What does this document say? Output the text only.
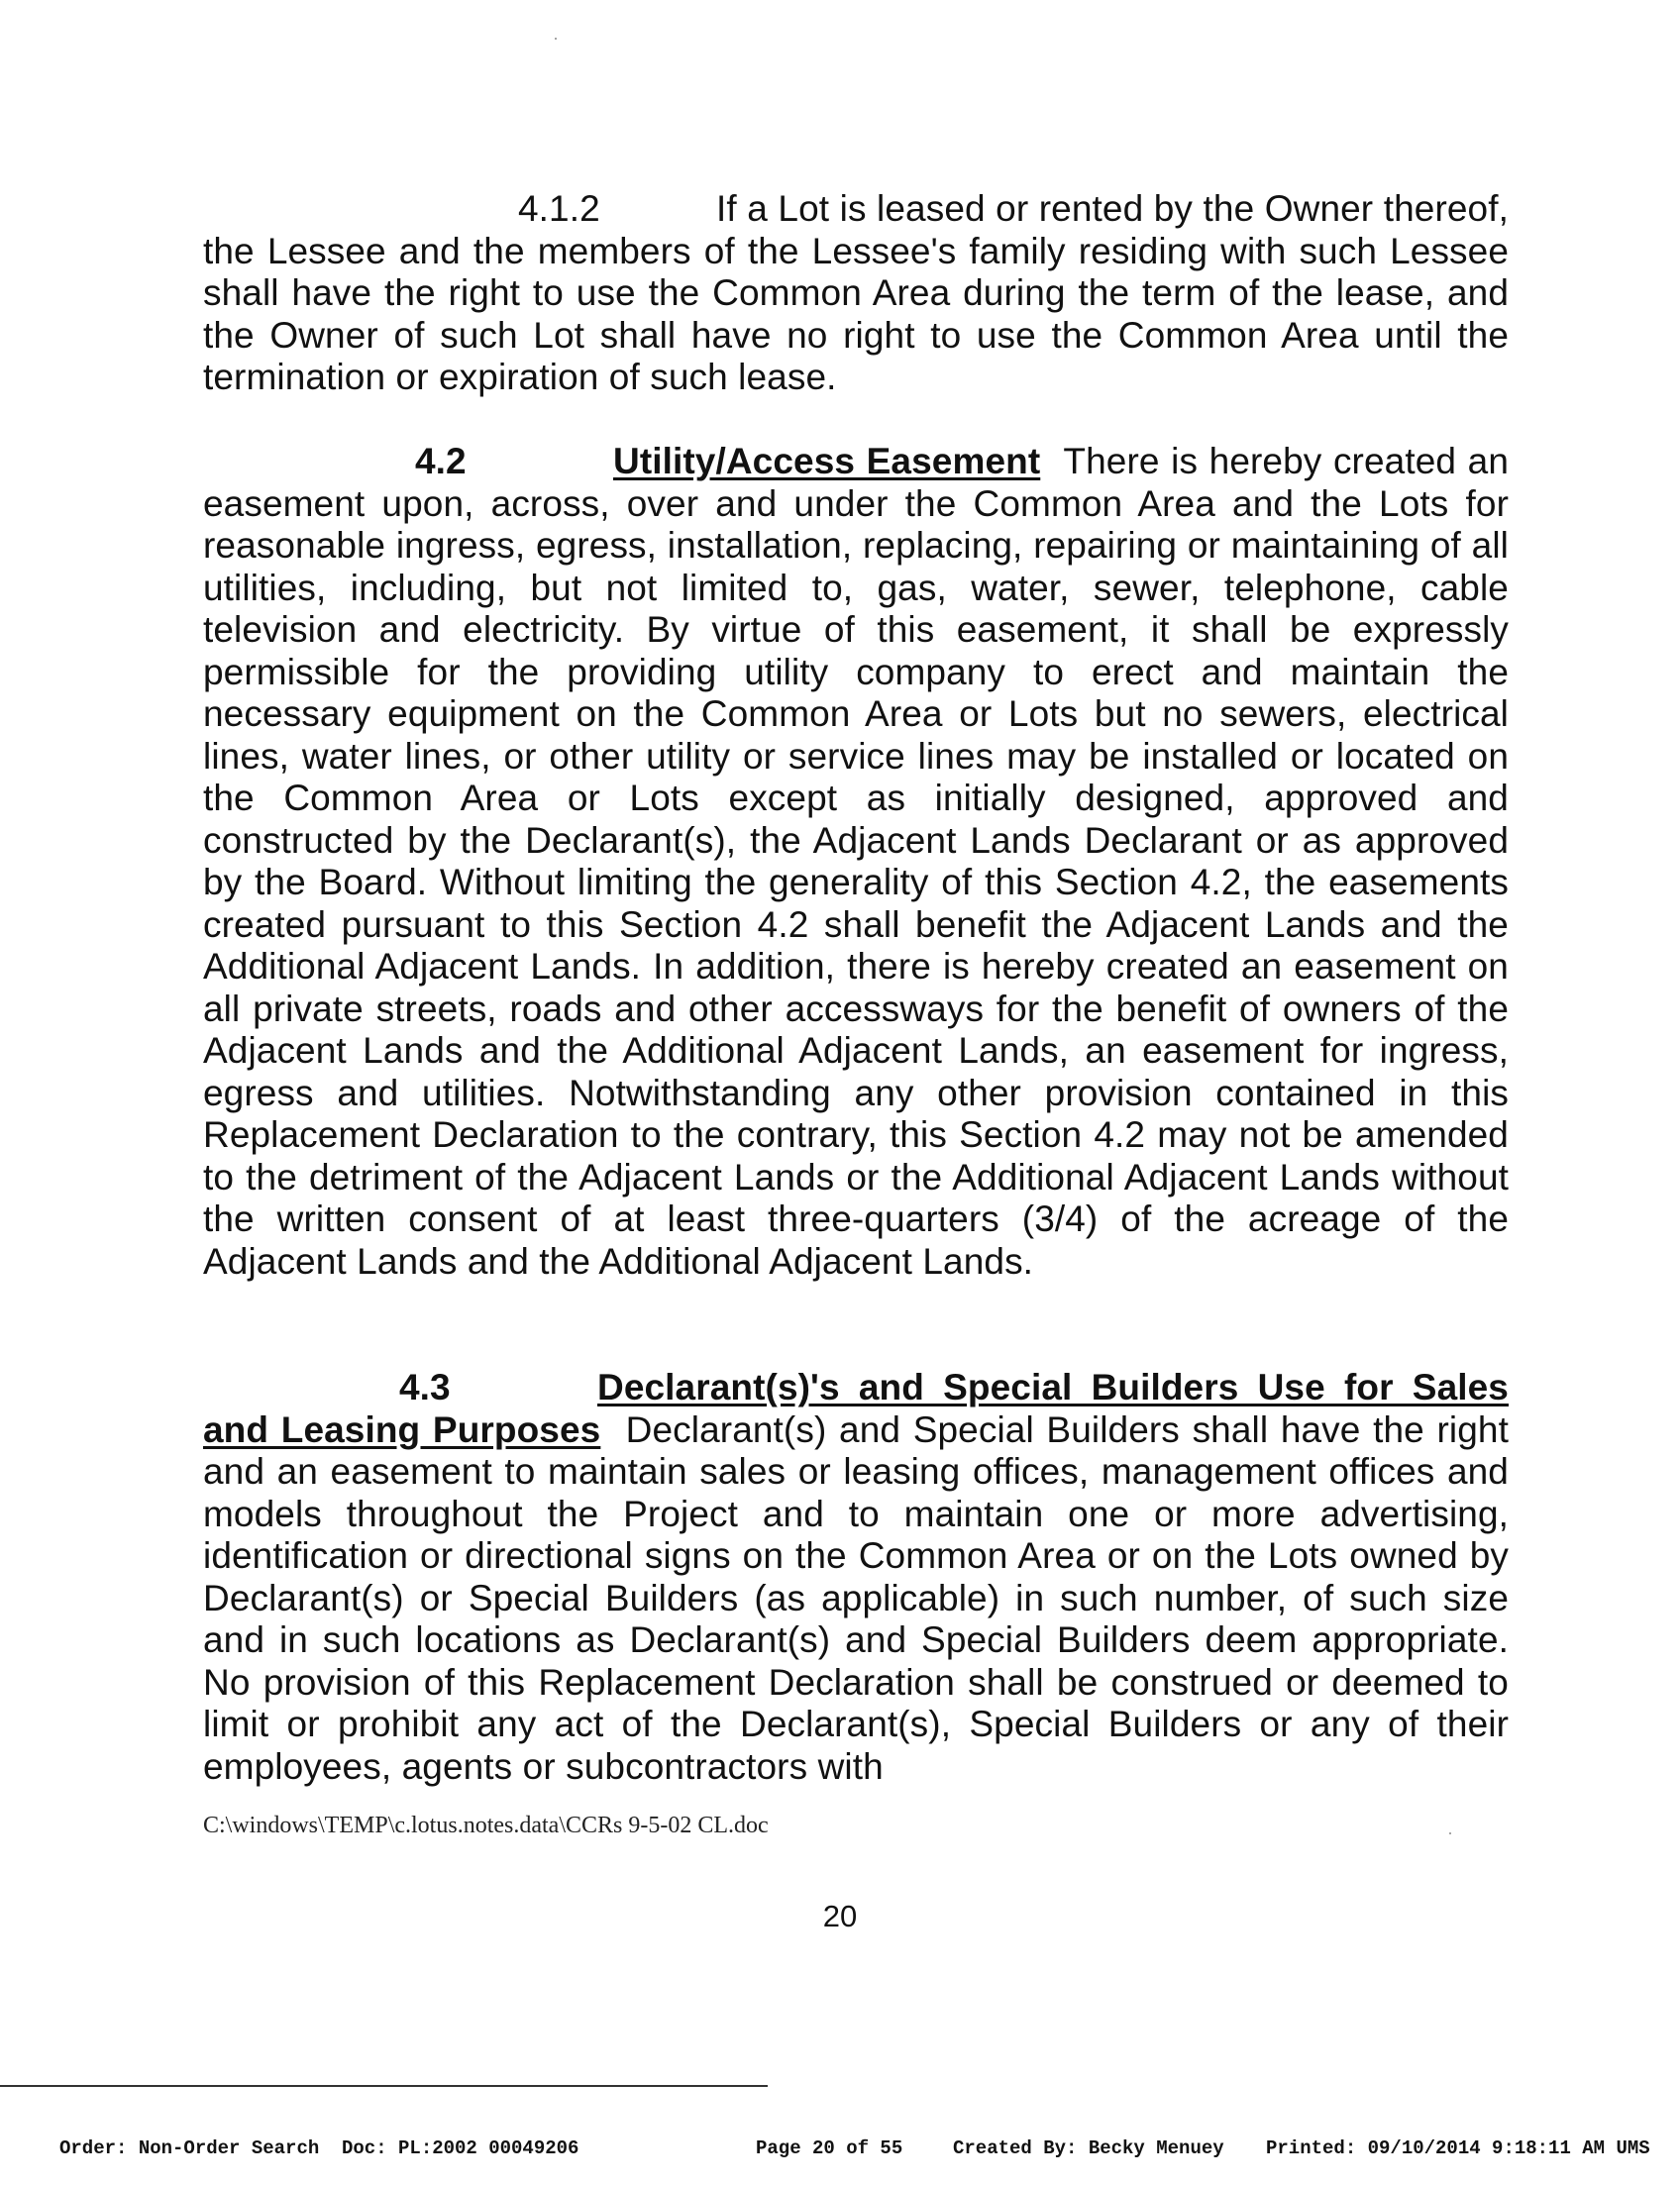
4.1.2	If a Lot is leased or rented by the Owner thereof, the Lessee and the members of the Lessee's family residing with such Lessee shall have the right to use the Common Area during the term of the lease, and the Owner of such Lot shall have no right to use the Common Area until the termination or expiration of such lease.
4.2	Utility/Access Easement There is hereby created an easement upon, across, over and under the Common Area and the Lots for reasonable ingress, egress, installation, replacing, repairing or maintaining of all utilities, including, but not limited to, gas, water, sewer, telephone, cable television and electricity. By virtue of this easement, it shall be expressly permissible for the providing utility company to erect and maintain the necessary equipment on the Common Area or Lots but no sewers, electrical lines, water lines, or other utility or service lines may be installed or located on the Common Area or Lots except as initially designed, approved and constructed by the Declarant(s), the Adjacent Lands Declarant or as approved by the Board. Without limiting the generality of this Section 4.2, the easements created pursuant to this Section 4.2 shall benefit the Adjacent Lands and the Additional Adjacent Lands. In addition, there is hereby created an easement on all private streets, roads and other accessways for the benefit of owners of the Adjacent Lands and the Additional Adjacent Lands, an easement for ingress, egress and utilities. Notwithstanding any other provision contained in this Replacement Declaration to the contrary, this Section 4.2 may not be amended to the detriment of the Adjacent Lands or the Additional Adjacent Lands without the written consent of at least three-quarters (3/4) of the acreage of the Adjacent Lands and the Additional Adjacent Lands.
4.3	Declarant(s)'s and Special Builders Use for Sales and Leasing Purposes Declarant(s) and Special Builders shall have the right and an easement to maintain sales or leasing offices, management offices and models throughout the Project and to maintain one or more advertising, identification or directional signs on the Common Area or on the Lots owned by Declarant(s) or Special Builders (as applicable) in such number, of such size and in such locations as Declarant(s) and Special Builders deem appropriate. No provision of this Replacement Declaration shall be construed or deemed to limit or prohibit any act of the Declarant(s), Special Builders or any of their employees, agents or subcontractors with
C:\windows\TEMP\c.lotus.notes.data\CCRs 9-5-02 CL.doc
20
Order: Non-Order Search Doc: PL:2002 00049206	Page 20 of 55	Created By: Becky Menuey Printed: 09/10/2014 9:18:11 AM UMS
